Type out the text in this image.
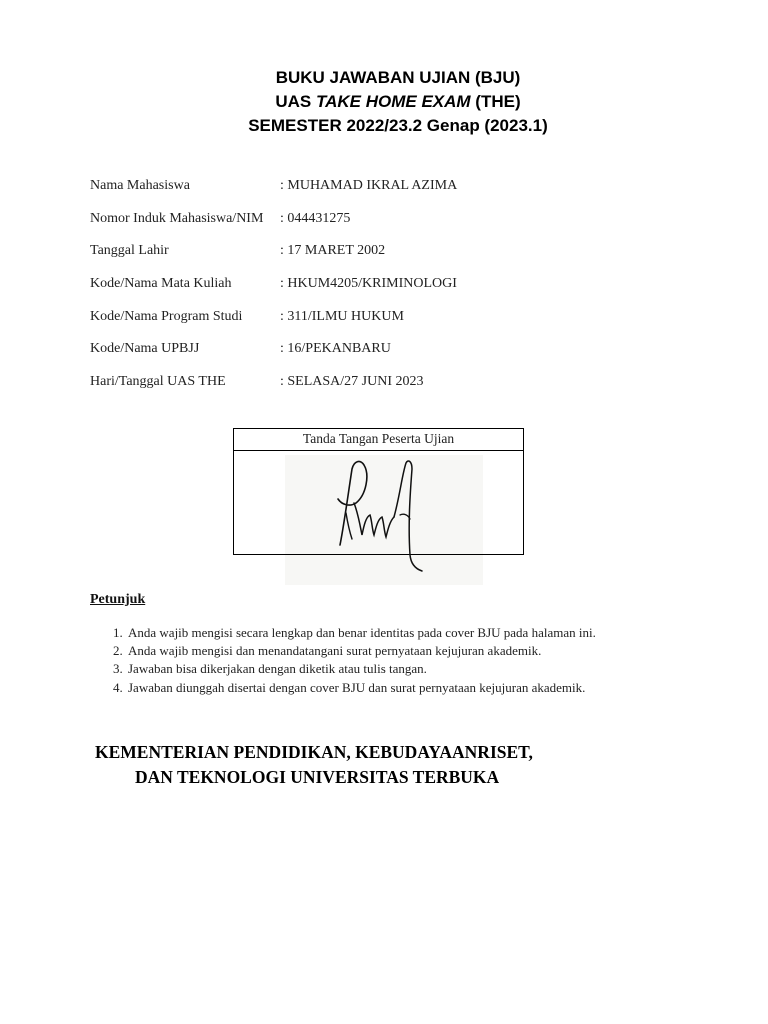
BUKU JAWABAN UJIAN (BJU)
UAS TAKE HOME EXAM (THE)
SEMESTER 2022/23.2 Genap (2023.1)
Nama Mahasiswa	: MUHAMAD IKRAL AZIMA
Nomor Induk Mahasiswa/NIM	: 044431275
Tanggal Lahir	: 17 MARET 2002
Kode/Nama Mata Kuliah	: HKUM4205/KRIMINOLOGI
Kode/Nama Program Studi	: 311/ILMU HUKUM
Kode/Nama UPBJJ	: 16/PEKANBARU
Hari/Tanggal UAS THE	: SELASA/27 JUNI 2023
Tanda Tangan Peserta Ujian
Petunjuk
1. Anda wajib mengisi secara lengkap dan benar identitas pada cover BJU pada halaman ini.
2. Anda wajib mengisi dan menandatangani surat pernyataan kejujuran akademik.
3. Jawaban bisa dikerjakan dengan diketik atau tulis tangan.
4. Jawaban diunggah disertai dengan cover BJU dan surat pernyataan kejujuran akademik.
KEMENTERIAN PENDIDIKAN, KEBUDAYAANRISET,
DAN TEKNOLOGI UNIVERSITAS TERBUKA
